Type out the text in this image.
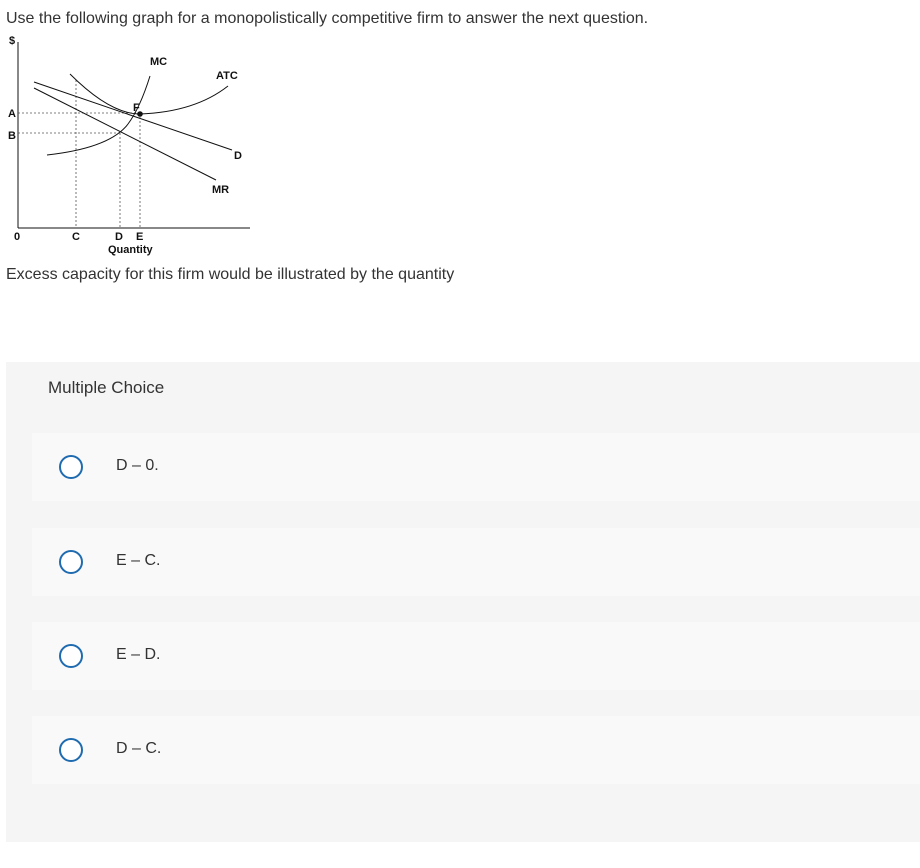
Use the following graph for a monopolistically competitive firm to answer the next question.

$
MC
ATC
D
MR
F
A
B
0	C	D E
Quantity

Excess capacity for this firm would be illustrated by the quantity

Multiple Choice
D – 0.
E – C.
E – D.
D – C.
